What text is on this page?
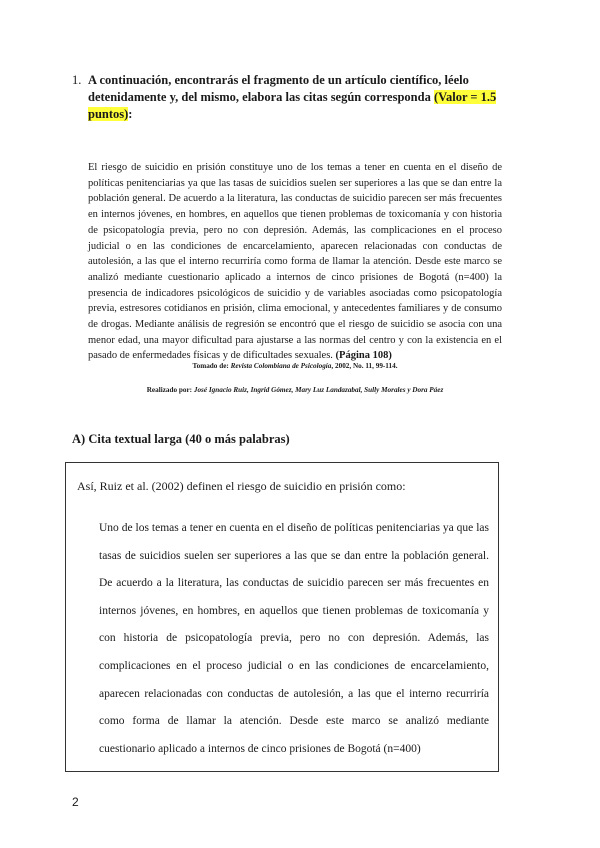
1. A continuación, encontrarás el fragmento de un artículo científico, léelo detenidamente y, del mismo, elabora las citas según corresponda (Valor = 1.5 puntos):
El riesgo de suicidio en prisión constituye uno de los temas a tener en cuenta en el diseño de políticas penitenciarias ya que las tasas de suicidios suelen ser superiores a las que se dan entre la población general. De acuerdo a la literatura, las conductas de suicidio parecen ser más frecuentes en internos jóvenes, en hombres, en aquellos que tienen problemas de toxicomanía y con historia de psicopatología previa, pero no con depresión. Además, las complicaciones en el proceso judicial o en las condiciones de encarcelamiento, aparecen relacionadas con conductas de autolesión, a las que el interno recurriría como forma de llamar la atención. Desde este marco se analizó mediante cuestionario aplicado a internos de cinco prisiones de Bogotá (n=400) la presencia de indicadores psicológicos de suicidio y de variables asociadas como psicopatología previa, estresores cotidianos en prisión, clima emocional, y antecedentes familiares y de consumo de drogas. Mediante análisis de regresión se encontró que el riesgo de suicidio se asocia con una menor edad, una mayor dificultad para ajustarse a las normas del centro y con la existencia en el pasado de enfermedades físicas y de dificultades sexuales. (Página 108)
Tomado de: Revista Colombiana de Psicología, 2002, No. 11, 99-114.
Realizado por: José Ignacio Ruiz, Ingrid Gómez, Mary Luz Landazabal, Sully Morales y Dora Páez
A) Cita textual larga (40 o más palabras)
Así, Ruiz et al. (2002) definen el riesgo de suicidio en prisión como:
Uno de los temas a tener en cuenta en el diseño de políticas penitenciarias ya que las tasas de suicidios suelen ser superiores a las que se dan entre la población general. De acuerdo a la literatura, las conductas de suicidio parecen ser más frecuentes en internos jóvenes, en hombres, en aquellos que tienen problemas de toxicomanía y con historia de psicopatología previa, pero no con depresión. Además, las complicaciones en el proceso judicial o en las condiciones de encarcelamiento, aparecen relacionadas con conductas de autolesión, a las que el interno recurriría como forma de llamar la atención. Desde este marco se analizó mediante cuestionario aplicado a internos de cinco prisiones de Bogotá (n=400)
2
